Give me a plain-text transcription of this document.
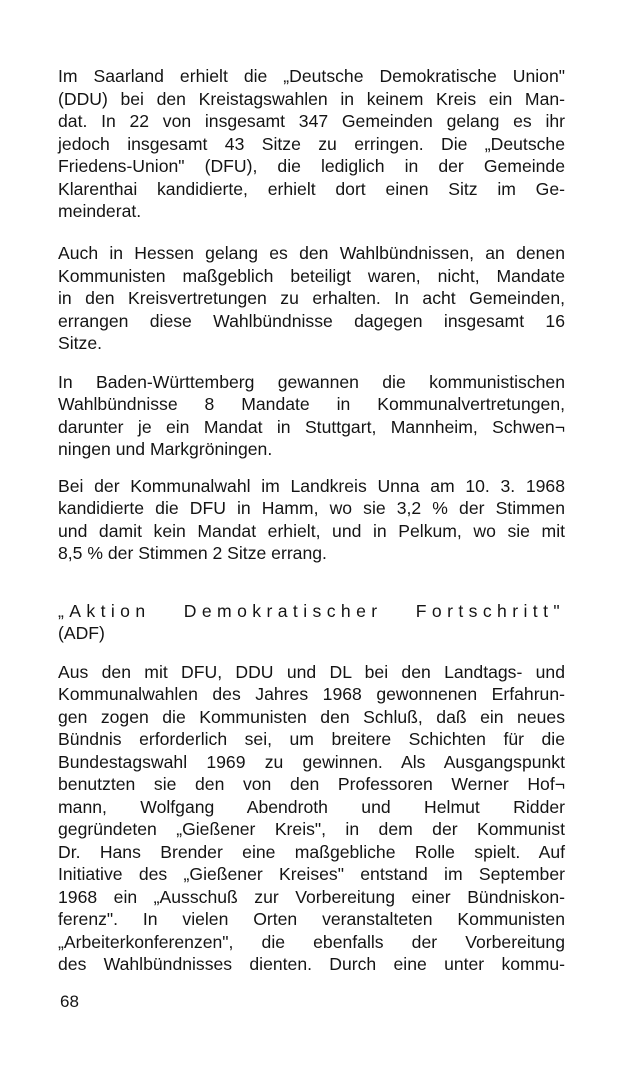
Im Saarland erhielt die „Deutsche Demokratische Union"
(DDU) bei den Kreistagswahlen in keinem Kreis ein Man-
dat. In 22 von insgesamt 347 Gemeinden gelang es ihr
jedoch insgesamt 43 Sitze zu erringen. Die „Deutsche
Friedens-Union" (DFU), die lediglich in der Gemeinde
Klarenthai kandidierte, erhielt dort einen Sitz im Ge-
meinderat.
Auch in Hessen gelang es den Wahlbündnissen, an denen
Kommunisten maßgeblich beteiligt waren, nicht, Mandate
in den Kreisvertretungen zu erhalten. In acht Gemeinden,
errangen diese Wahlbündnisse dagegen insgesamt 16
Sitze.
In Baden-Württemberg gewannen die kommunistischen
Wahlbündnisse 8 Mandate in Kommunalvertretungen,
darunter je ein Mandat in Stuttgart, Mannheim, Schwen¬
ningen und Markgröningen.
Bei der Kommunalwahl im Landkreis Unna am 10. 3. 1968
kandidierte die DFU in Hamm, wo sie 3,2 % der Stimmen
und damit kein Mandat erhielt, und in Pelkum, wo sie mit
8,5 % der Stimmen 2 Sitze errang.
„Aktion Demokratischer Fortschritt"
(ADF)
Aus den mit DFU, DDU und DL bei den Landtags- und
Kommunalwahlen des Jahres 1968 gewonnenen Erfahrun-
gen zogen die Kommunisten den Schluß, daß ein neues
Bündnis erforderlich sei, um breitere Schichten für die
Bundestagswahl 1969 zu gewinnen. Als Ausgangspunkt
benutzten sie den von den Professoren Werner Hof¬
mann, Wolfgang Abendroth und Helmut Ridder
gegründeten „Gießener Kreis", in dem der Kommunist
Dr. Hans Brender eine maßgebliche Rolle spielt. Auf
Initiative des „Gießener Kreises" entstand im September
1968 ein „Ausschuß zur Vorbereitung einer Bündniskon-
ferenz". In vielen Orten veranstalteten Kommunisten
„Arbeiterkonferenzen", die ebenfalls der Vorbereitung
des Wahlbündnisses dienten. Durch eine unter kommu-
68
